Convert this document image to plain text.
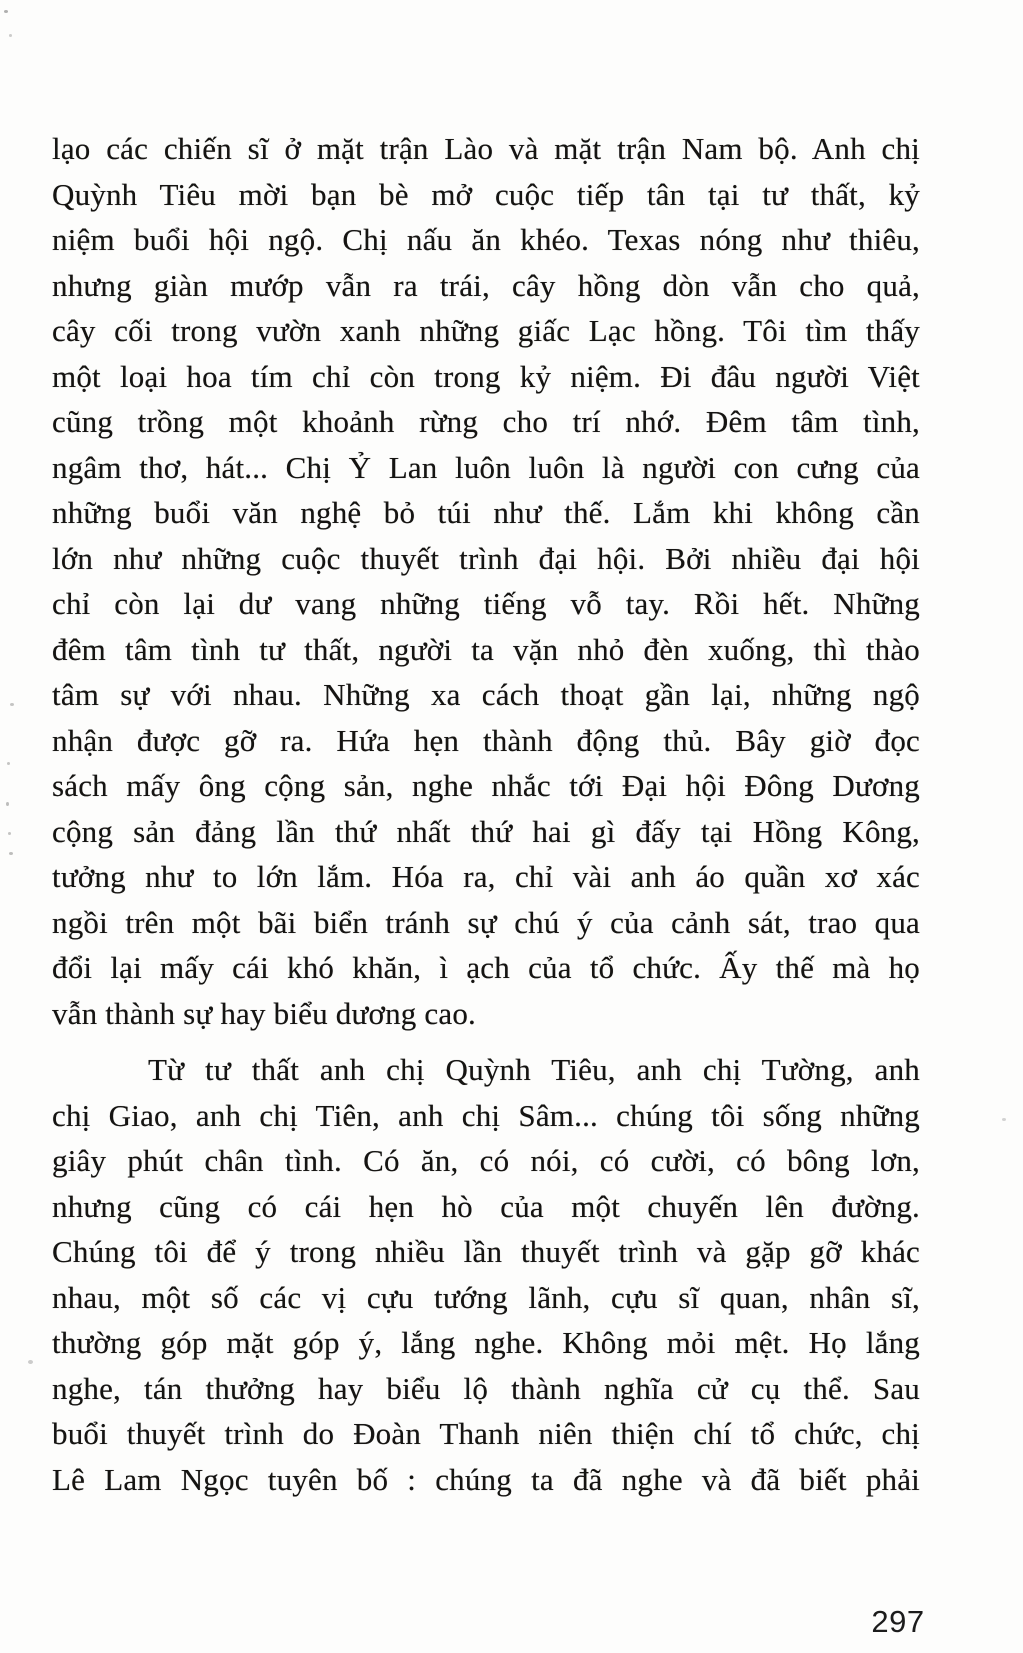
lạo các chiến sĩ ở mặt trận Lào và mặt trận Nam bộ. Anh chị
Quỳnh Tiêu mời bạn bè mở cuộc tiếp tân tại tư thất, kỷ
niệm buổi hội ngộ. Chị nấu ăn khéo. Texas nóng như thiêu,
nhưng giàn mướp vẫn ra trái, cây hồng dòn vẫn cho quả,
cây cối trong vườn xanh những giấc Lạc hồng. Tôi tìm thấy
một loại hoa tím chỉ còn trong kỷ niệm. Đi đâu người Việt
cũng trồng một khoảnh rừng cho trí nhớ. Đêm tâm tình,
ngâm thơ, hát... Chị Ỷ Lan luôn luôn là người con cưng của
những buổi văn nghệ bỏ túi như thế. Lắm khi không cần
lớn như những cuộc thuyết trình đại hội. Bởi nhiều đại hội
chỉ còn lại dư vang những tiếng vỗ tay. Rồi hết. Những
đêm tâm tình tư thất, người ta vặn nhỏ đèn xuống, thì thào
tâm sự với nhau. Những xa cách thoạt gần lại, những ngộ
nhận được gỡ ra. Hứa hẹn thành động thủ. Bây giờ đọc
sách mấy ông cộng sản, nghe nhắc tới Đại hội Đông Dương
cộng sản đảng lần thứ nhất thứ hai gì đấy tại Hồng Kông,
tưởng như to lớn lắm. Hóa ra, chỉ vài anh áo quần xơ xác
ngồi trên một bãi biển tránh sự chú ý của cảnh sát, trao qua
đổi lại mấy cái khó khăn, ì ạch của tổ chức. Ấy thế mà họ
vẫn thành sự hay biểu dương cao.
Từ tư thất anh chị Quỳnh Tiêu, anh chị Tường, anh
chị Giao, anh chị Tiên, anh chị Sâm... chúng tôi sống những
giây phút chân tình. Có ăn, có nói, có cười, có bông lơn,
nhưng cũng có cái hẹn hò của một chuyến lên đường.
Chúng tôi để ý trong nhiều lần thuyết trình và gặp gỡ khác
nhau, một số các vị cựu tướng lãnh, cựu sĩ quan, nhân sĩ,
thường góp mặt góp ý, lắng nghe. Không mỏi mệt. Họ lắng
nghe, tán thưởng hay biểu lộ thành nghĩa cử cụ thể. Sau
buổi thuyết trình do Đoàn Thanh niên thiện chí tổ chức, chị
Lê Lam Ngọc tuyên bố : chúng ta đã nghe và đã biết phải
297
